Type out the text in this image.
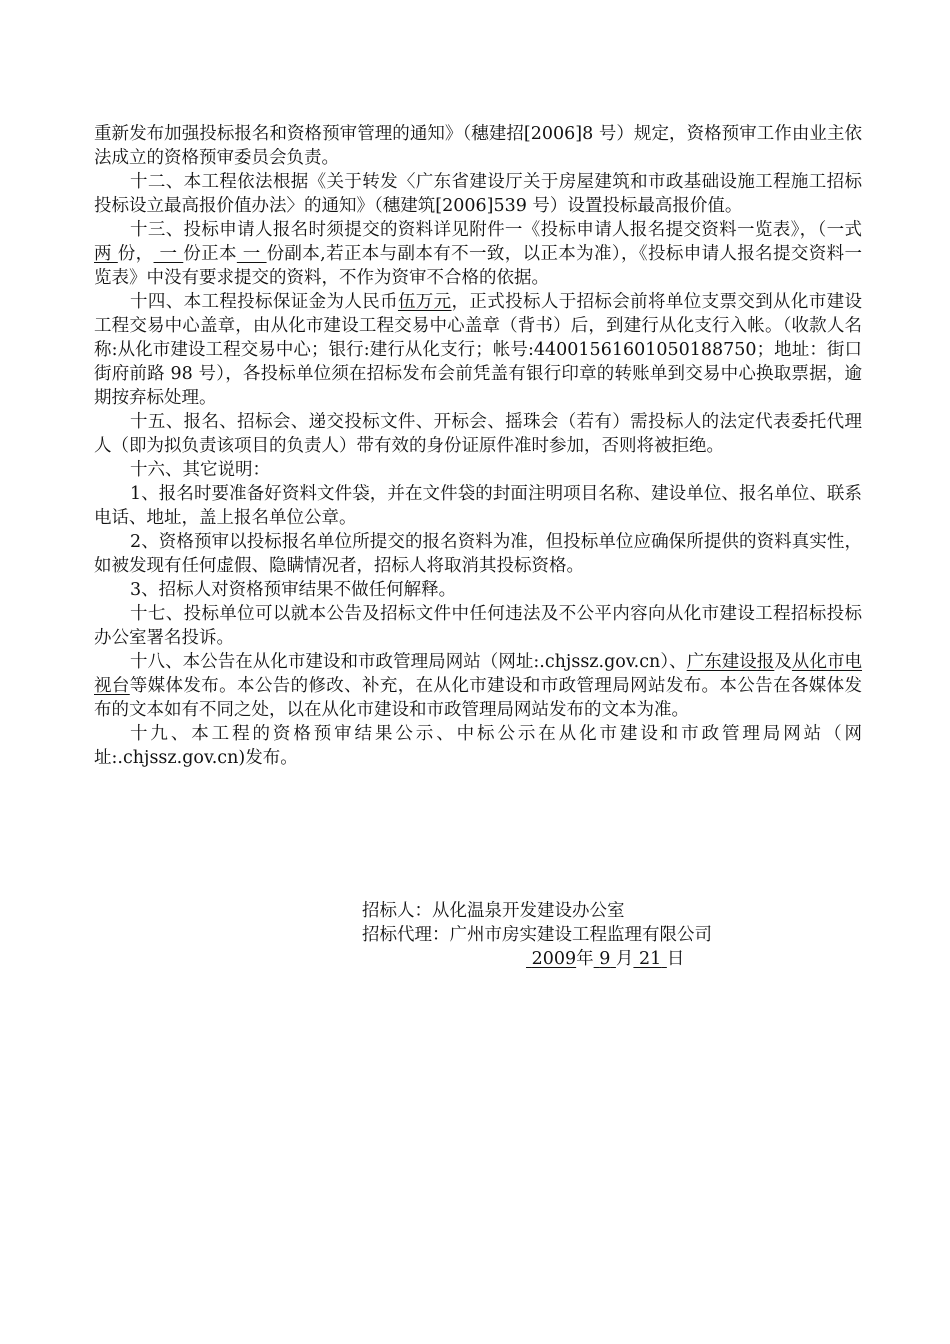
重新发布加强投标报名和资格预审管理的通知》（穗建招[2006]8 号）规定，资格预审工作由业主依法成立的资格预审委员会负责。

十二、本工程依法根据《关于转发〈广东省建设厅关于房屋建筑和市政基础设施工程施工招标投标设立最高报价值办法〉的通知》（穗建筑[2006]539 号）设置投标最高报价值。

十三、投标申请人报名时须提交的资料详见附件一《投标申请人报名提交资料一览表》，（一式 两 份， 一 份正本 一 份副本,若正本与副本有不一致，以正本为准），《投标申请人报名提交资料一览表》中没有要求提交的资料，不作为资审不合格的依据。

十四、本工程投标保证金为人民币伍万元，正式投标人于招标会前将单位支票交到从化市建设工程交易中心盖章，由从化市建设工程交易中心盖章（背书）后，到建行从化支行入帐。（收款人名称:从化市建设工程交易中心；银行:建行从化支行；帐号:44001561601050188750；地址：街口街府前路 98 号），各投标单位须在招标发布会前凭盖有银行印章的转账单到交易中心换取票据，逾期按弃标处理。

十五、报名、招标会、递交投标文件、开标会、摇珠会（若有）需投标人的法定代表委托代理人（即为拟负责该项目的负责人）带有效的身份证原件准时参加，否则将被拒绝。

十六、其它说明：

1、报名时要准备好资料文件袋，并在文件袋的封面注明项目名称、建设单位、报名单位、联系电话、地址，盖上报名单位公章。

2、资格预审以投标报名单位所提交的报名资料为准，但投标单位应确保所提供的资料真实性，如被发现有任何虚假、隐瞒情况者，招标人将取消其投标资格。

3、招标人对资格预审结果不做任何解释。

十七、投标单位可以就本公告及招标文件中任何违法及不公平内容向从化市建设工程招标投标办公室署名投诉。

十八、本公告在从化市建设和市政管理局网站（网址:.chjssz.gov.cn）、广东建设报及从化市电视台等媒体发布。本公告的修改、补充，在从化市建设和市政管理局网站发布。本公告在各媒体发布的文本如有不同之处，以在从化市建设和市政管理局网站发布的文本为准。

十九、本工程的资格预审结果公示、中标公示在从化市建设和市政管理局网站（网址:.chjssz.gov.cn)发布。

招标人：从化温泉开发建设办公室
招标代理：广州市房实建设工程监理有限公司
2009年 9 月 21 日
